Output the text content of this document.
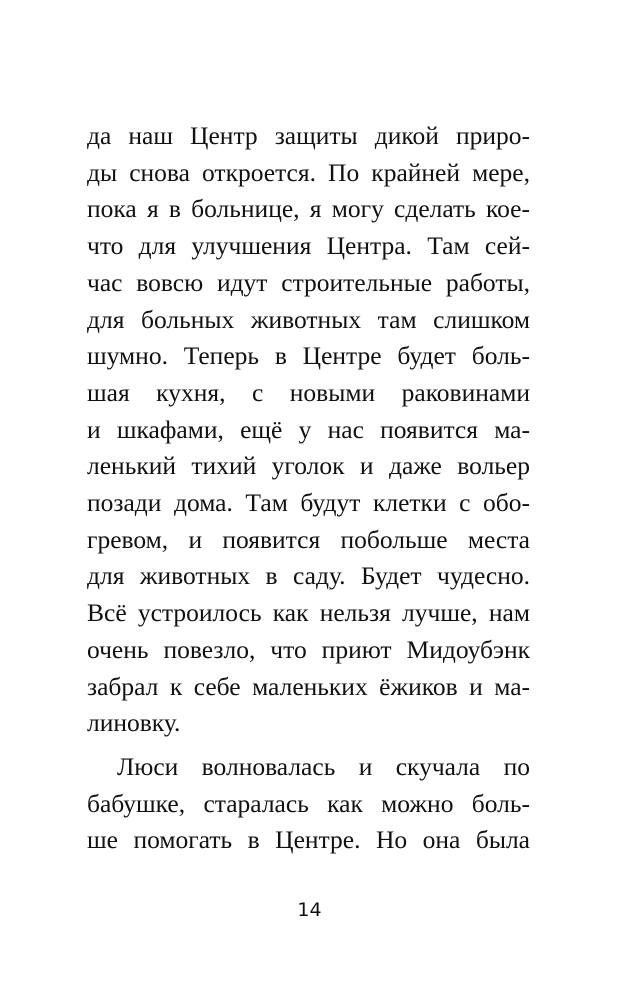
да наш Центр защиты дикой приро-
ды снова откроется. По крайней мере,
пока я в больнице, я могу сделать кое-
что для улучшения Центра. Там сей-
час вовсю идут строительные работы,
для больных животных там слишком
шумно. Теперь в Центре будет боль-
шая кухня, с новыми раковинами
и шкафами, ещё у нас появится ма-
ленький тихий уголок и даже вольер
позади дома. Там будут клетки с обо-
гревом, и появится побольше места
для животных в саду. Будет чудесно.
Всё устроилось как нельзя лучше, нам
очень повезло, что приют Мидоубэнк
забрал к себе маленьких ёжиков и ма-
линовку.
Люси волновалась и скучала по
бабушке, старалась как можно боль-
ше помогать в Центре. Но она была
14
